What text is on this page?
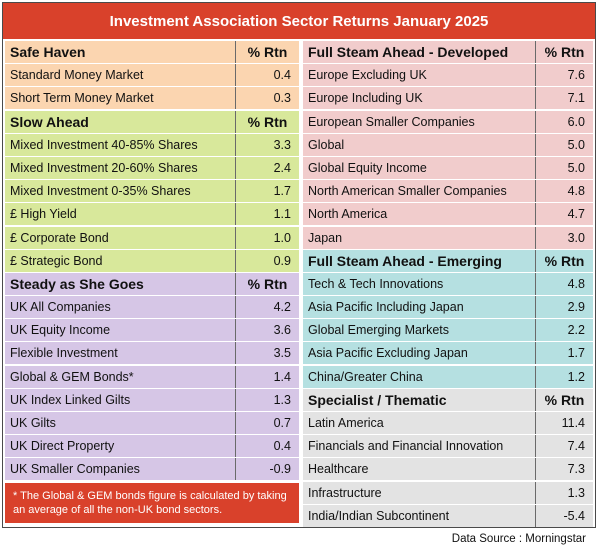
Investment Association Sector Returns January 2025
Safe Haven	% Rtn
Standard Money Market	0.4
Short Term Money Market	0.3
Slow Ahead	% Rtn
Mixed Investment 40-85% Shares	3.3
Mixed Investment 20-60% Shares	2.4
Mixed Investment 0-35% Shares	1.7
£ High Yield	1.1
£ Corporate Bond	1.0
£ Strategic Bond	0.9
Steady as She Goes	% Rtn
UK All Companies	4.2
UK Equity Income	3.6
Flexible Investment	3.5
Global & GEM Bonds*	1.4
UK Index Linked Gilts	1.3
UK Gilts	0.7
UK Direct Property	0.4
UK Smaller Companies	-0.9
* The Global & GEM bonds figure is calculated by taking an average of all the non-UK bond sectors.
Full Steam Ahead - Developed	% Rtn
Europe Excluding UK	7.6
Europe Including UK	7.1
European Smaller Companies	6.0
Global	5.0
Global Equity Income	5.0
North American Smaller Companies	4.8
North America	4.7
Japan	3.0
Full Steam Ahead - Emerging	% Rtn
Tech & Tech Innovations	4.8
Asia Pacific Including Japan	2.9
Global Emerging Markets	2.2
Asia Pacific Excluding Japan	1.7
China/Greater China	1.2
Specialist / Thematic	% Rtn
Latin America	11.4
Financials and Financial Innovation	7.4
Healthcare	7.3
Infrastructure	1.3
India/Indian Subcontinent	-5.4
Data Source : Morningstar
